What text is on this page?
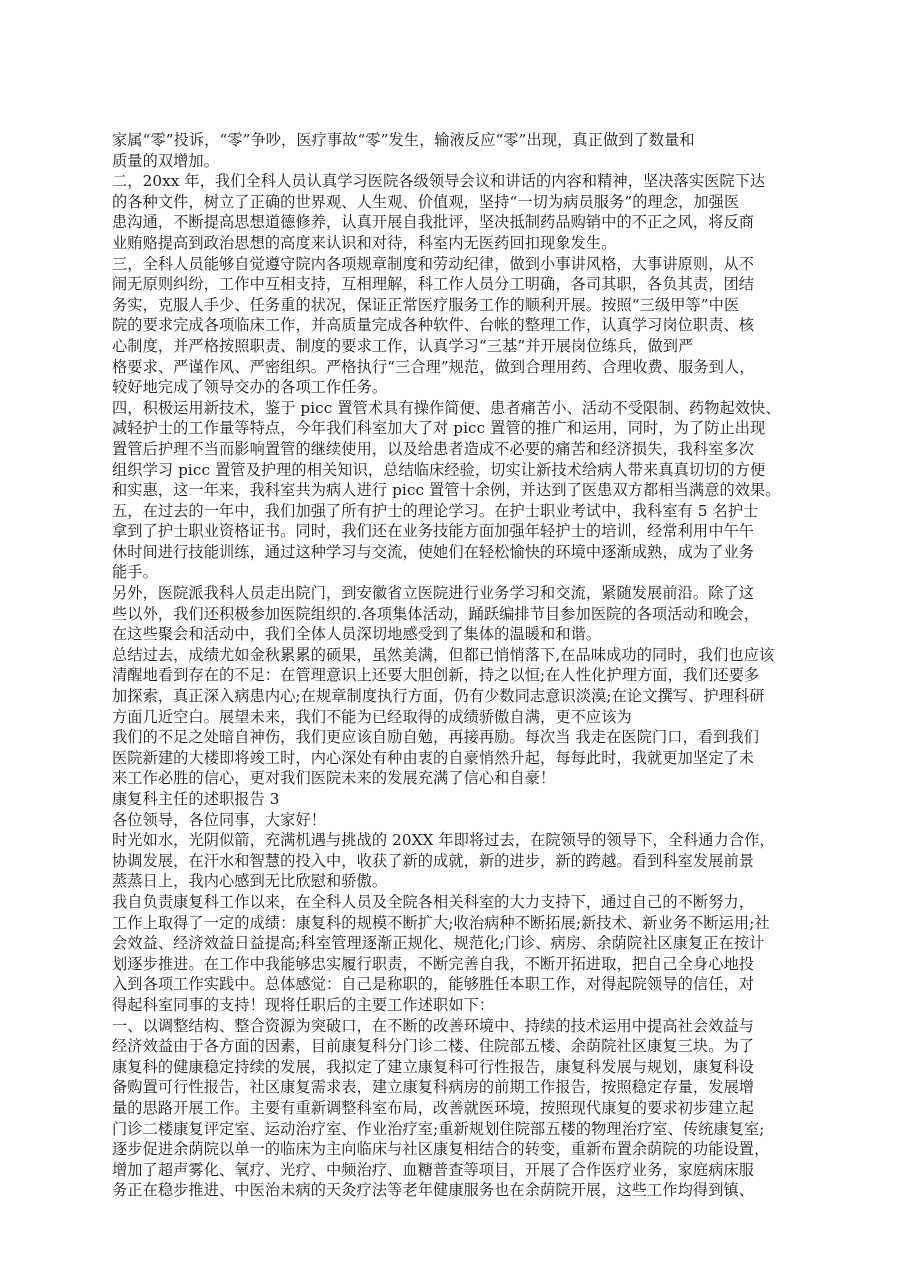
家属“零”投诉，“零”争吵，医疗事故“零”发生，输液反应“零”出现，真正做到了数量和
质量的双增加。
二，20xx 年，我们全科人员认真学习医院各级领导会议和讲话的内容和精神，坚决落实医院下达
的各种文件，树立了正确的世界观、人生观、价值观，坚持“一切为病员服务”的理念，加强医
患沟通，不断提高思想道德修养，认真开展自我批评，坚决抵制药品购销中的不正之风，将反商
业贿赂提高到政治思想的高度来认识和对待，科室内无医药回扣现象发生。
三，全科人员能够自觉遵守院内各项规章制度和劳动纪律，做到小事讲风格，大事讲原则，从不
闹无原则纠纷，工作中互相支持，互相理解，科工作人员分工明确，各司其职，各负其责，团结
务实，克服人手少、任务重的状况，保证正常医疗服务工作的顺利开展。按照“三级甲等”中医
院的要求完成各项临床工作，并高质量完成各种软件、台帐的整理工作，认真学习岗位职责、核
心制度，并严格按照职责、制度的要求工作，认真学习“三基”并开展岗位练兵，做到严
格要求、严谨作风、严密组织。严格执行“三合理”规范，做到合理用药、合理收费、服务到人，
较好地完成了领导交办的各项工作任务。
四，积极运用新技术，鉴于 picc 置管术具有操作简便、患者痛苦小、活动不受限制、药物起效快、
减轻护士的工作量等特点，今年我们科室加大了对 picc 置管的推广和运用，同时，为了防止出现
置管后护理不当而影响置管的继续使用，以及给患者造成不必要的痛苦和经济损失，我科室多次
组织学习 picc 置管及护理的相关知识，总结临床经验，切实让新技术给病人带来真真切切的方便
和实惠，这一年来，我科室共为病人进行 picc 置管十余例，并达到了医患双方都相当满意的效果。
五，在过去的一年中，我们加强了所有护士的理论学习。在护士职业考试中，我科室有 5 名护士
拿到了护士职业资格证书。同时，我们还在业务技能方面加强年轻护士的培训，经常利用中午午
休时间进行技能训练，通过这种学习与交流，使她们在轻松愉快的环境中逐渐成熟，成为了业务
能手。
另外，医院派我科人员走出院门，到安徽省立医院进行业务学习和交流，紧随发展前沿。除了这
些以外，我们还积极参加医院组织的.各项集体活动，踊跃编排节目参加医院的各项活动和晚会，
在这些聚会和活动中，我们全体人员深切地感受到了集体的温暖和和谐。
总结过去，成绩尤如金秋累累的硕果，虽然美满，但都已悄悄落下,在品味成功的同时，我们也应该
清醒地看到存在的不足：在管理意识上还要大胆创新，持之以恒;在人性化护理方面，我们还要多
加探索，真正深入病患内心;在规章制度执行方面，仍有少数同志意识淡漠;在论文撰写、护理科研
方面几近空白。展望未来，我们不能为已经取得的成绩骄傲自满，更不应该为
我们的不足之处暗自神伤，我们更应该自励自勉，再接再励。每次当 我走在医院门口，看到我们
医院新建的大楼即将竣工时，内心深处有种由衷的自豪悄然升起，每每此时，我就更加坚定了未
来工作必胜的信心，更对我们医院未来的发展充满了信心和自豪！
康复科主任的述职报告 3
各位领导，各位同事，大家好！
时光如水，光阴似箭，充满机遇与挑战的 20XX 年即将过去，在院领导的领导下，全科通力合作，
协调发展，在汗水和智慧的投入中，收获了新的成就，新的进步，新的跨越。看到科室发展前景
蒸蒸日上，我内心感到无比欣慰和骄傲。
我自负责康复科工作以来，在全科人员及全院各相关科室的大力支持下，通过自己的不断努力，
工作上取得了一定的成绩：康复科的规模不断扩大;收治病种不断拓展;新技术、新业务不断运用;社
会效益、经济效益日益提高;科室管理逐渐正规化、规范化;门诊、病房、余荫院社区康复正在按计
划逐步推进。在工作中我能够忠实履行职责，不断完善自我，不断开拓进取，把自己全身心地投
入到各项工作实践中。总体感觉：自己是称职的，能够胜任本职工作，对得起院领导的信任，对
得起科室同事的支持！现将任职后的主要工作述职如下：
一、以调整结构、整合资源为突破口，在不断的改善环境中、持续的技术运用中提高社会效益与
经济效益由于各方面的因素，目前康复科分门诊二楼、住院部五楼、余荫院社区康复三块。为了
康复科的健康稳定持续的发展，我拟定了建立康复科可行性报告，康复科发展与规划，康复科设
备购置可行性报告，社区康复需求表，建立康复科病房的前期工作报告，按照稳定存量，发展增
量的思路开展工作。主要有重新调整科室布局，改善就医环境，按照现代康复的要求初步建立起
门诊二楼康复评定室、运动治疗室、作业治疗室;重新规划住院部五楼的物理治疗室、传统康复室;
逐步促进余荫院以单一的临床为主向临床与社区康复相结合的转变，重新布置余荫院的功能设置，
增加了超声雾化、氧疗、光疗、中频治疗、血糖普查等项目，开展了合作医疗业务，家庭病床服
务正在稳步推进、中医治未病的天灸疗法等老年健康服务也在余荫院开展，这些工作均得到镇、
